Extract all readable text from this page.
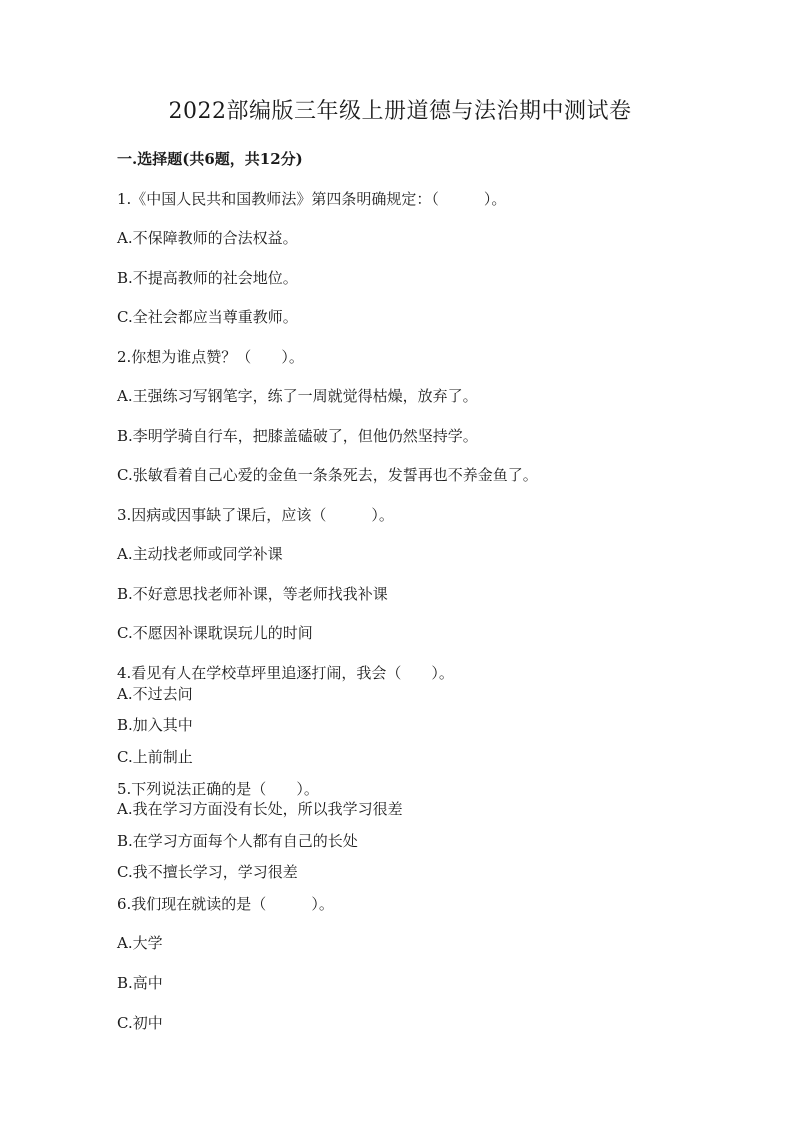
2022部编版三年级上册道德与法治期中测试卷
一.选择题(共6题，共12分)
1.《中国人民共和国教师法》第四条明确规定：（　　　）。
A.不保障教师的合法权益。
B.不提高教师的社会地位。
C.全社会都应当尊重教师。
2.你想为谁点赞？（　　）。
A.王强练习写钢笔字，练了一周就觉得枯燥，放弃了。
B.李明学骑自行车，把膝盖磕破了，但他仍然坚持学。
C.张敏看着自己心爱的金鱼一条条死去，发誓再也不养金鱼了。
3.因病或因事缺了课后，应该（　　　）。
A.主动找老师或同学补课
B.不好意思找老师补课，等老师找我补课
C.不愿因补课耽误玩儿的时间
4.看见有人在学校草坪里追逐打闹，我会（　　）。
A.不过去问
B.加入其中
C.上前制止
5.下列说法正确的是（　　）。
A.我在学习方面没有长处，所以我学习很差
B.在学习方面每个人都有自己的长处
C.我不擅长学习，学习很差
6.我们现在就读的是（　　　）。
A.大学
B.高中
C.初中
